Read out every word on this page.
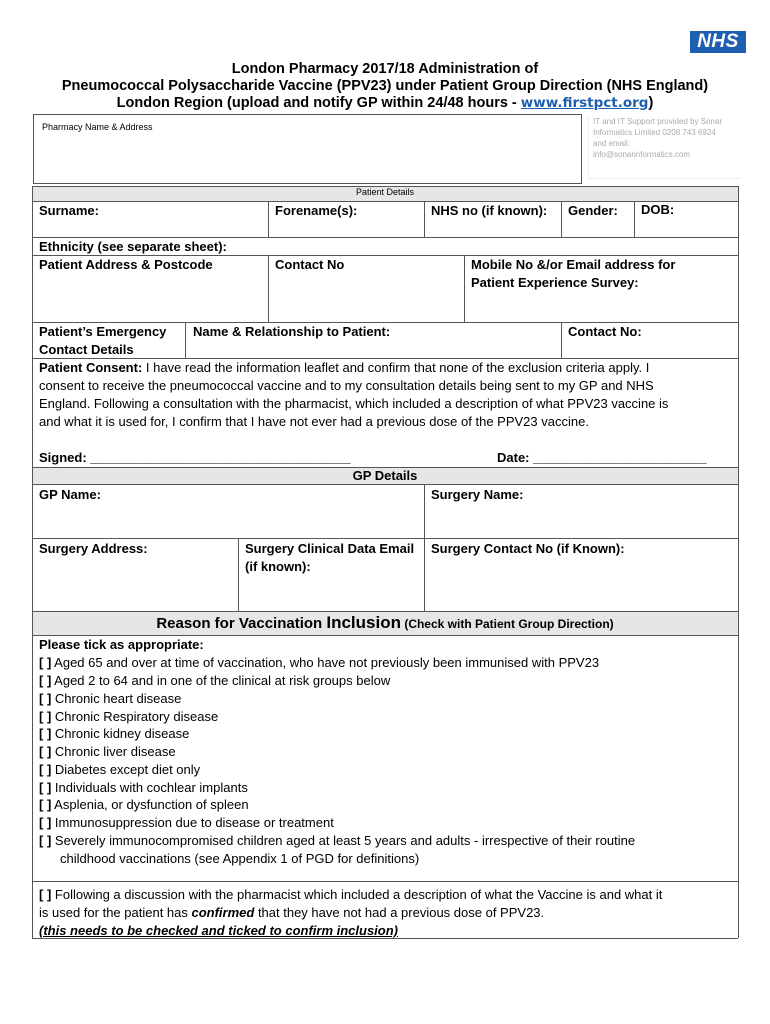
NHS
London Pharmacy 2017/18 Administration of
Pneumococcal Polysaccharide Vaccine (PPV23) under Patient Group Direction (NHS England)
London Region (upload and notify GP within 24/48 hours - www.firstpct.org)
Pharmacy Name & Address
IT and IT Support provided by Sonar
Informatics Limited 0208 743 6924
and email:
info@sonarinformatics.com
Patient Details
Surname:	Forename(s):	NHS no (if known): Gender: DOB:
Ethnicity (see separate sheet):
Patient Address & Postcode	Contact No	Mobile No &/or Email address for
Patient Experience Survey:
Patient’s Emergency
Contact Details
Name & Relationship to Patient:	Contact No:
Patient Consent: I have read the information leaflet and confirm that none of the exclusion criteria apply. I
consent to receive the pneumococcal vaccine and to my consultation details being sent to my GP and NHS
England. Following a consultation with the pharmacist, which included a description of what PPV23 vaccine is
and what it is used for, I confirm that I have not ever had a previous dose of the PPV23 vaccine.
Signed: ____________________________________	Date: ________________________
GP Details
GP Name:	Surgery Name:
Surgery Address:	Surgery Clinical Data Email
(if known):
Surgery Contact No (if Known):
Reason for Vaccination Inclusion (Check with Patient Group Direction)
Please tick as appropriate:
[ ] Aged 65 and over at time of vaccination, who have not previously been immunised with PPV23
[ ] Aged 2 to 64 and in one of the clinical at risk groups below
[ ] Chronic heart disease
[ ] Chronic Respiratory disease
[ ] Chronic kidney disease
[ ] Chronic liver disease
[ ] Diabetes except diet only
[ ] Individuals with cochlear implants
[ ] Asplenia, or dysfunction of spleen
[ ] Immunosuppression due to disease or treatment
[ ] Severely immunocompromised children aged at least 5 years and adults - irrespective of their routine
childhood vaccinations (see Appendix 1 of PGD for definitions)
[ ] Following a discussion with the pharmacist which included a description of what the Vaccine is and what it
is used for the patient has confirmed that they have not had a previous dose of PPV23.
(this needs to be checked and ticked to confirm inclusion)
